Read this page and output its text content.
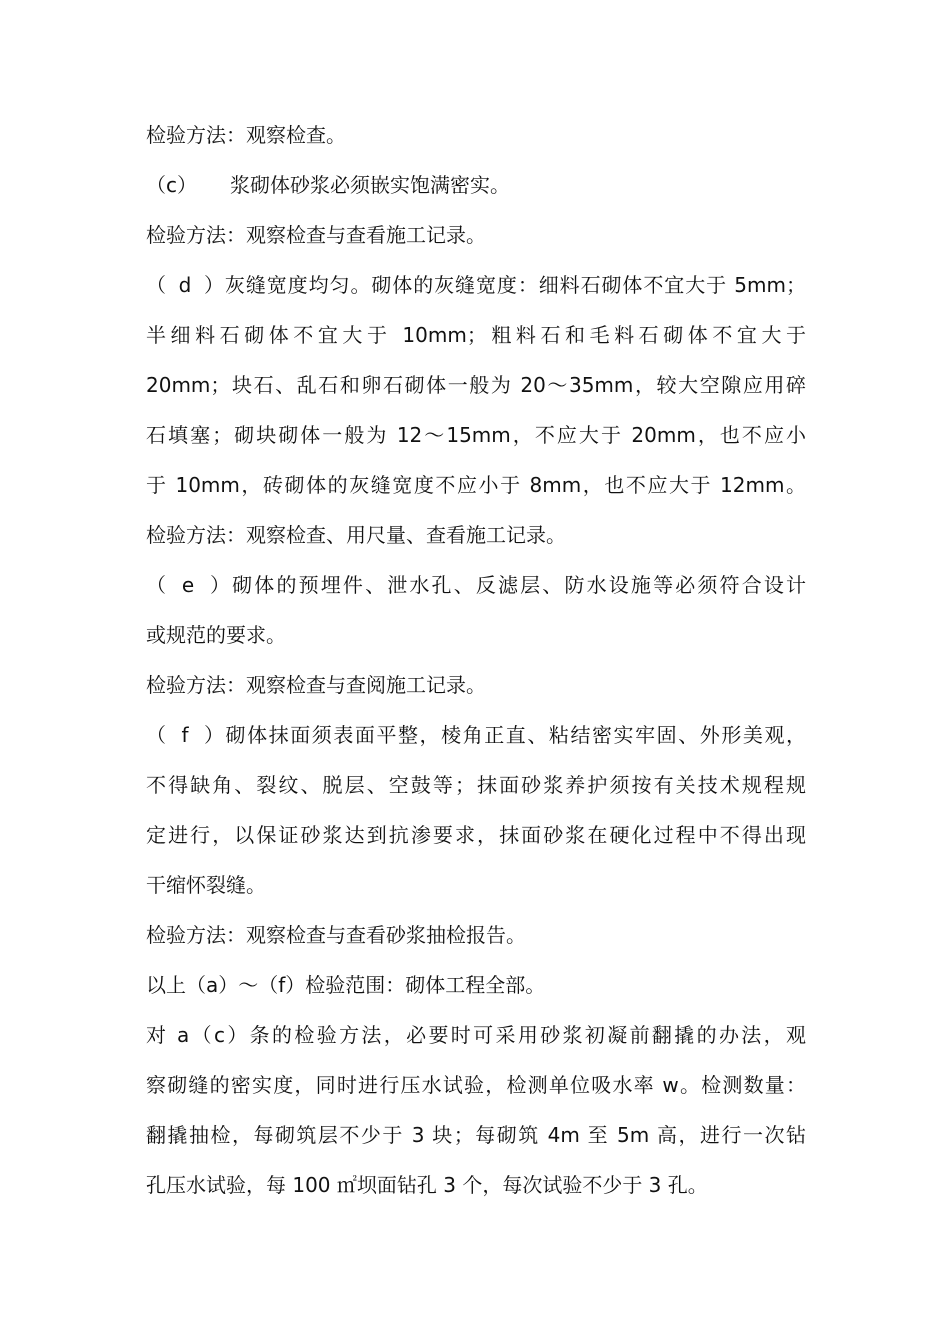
检验方法：观察检查。
（c） 浆砌体砂浆必须嵌实饱满密实。
检验方法：观察检查与查看施工记录。
（d）灰缝宽度均匀。砌体的灰缝宽度：细料石砌体不宜大于 5mm；
半细料石砌体不宜大于 10mm；粗料石和毛料石砌体不宜大于
20mm；块石、乱石和卵石砌体一般为 20～35mm，较大空隙应用碎
石填塞；砌块砌体一般为 12～15mm，不应大于 20mm，也不应小
于 10mm，砖砌体的灰缝宽度不应小于 8mm，也不应大于 12mm。
检验方法：观察检查、用尺量、查看施工记录。
（e）砌体的预埋件、泄水孔、反滤层、防水设施等必须符合设计
或规范的要求。
检验方法：观察检查与查阅施工记录。
（f）砌体抹面须表面平整，棱角正直、粘结密实牢固、外形美观，
不得缺角、裂纹、脱层、空鼓等；抹面砂浆养护须按有关技术规程规
定进行，以保证砂浆达到抗渗要求，抹面砂浆在硬化过程中不得出现
干缩怀裂缝。
检验方法：观察检查与查看砂浆抽检报告。
以上（a）～（f）检验范围：砌体工程全部。
对 a（c）条的检验方法，必要时可采用砂浆初凝前翻撬的办法，观
察砌缝的密实度，同时进行压水试验，检测单位吸水率 w。检测数量：
翻撬抽检，每砌筑层不少于 3 块；每砌筑 4m 至 5m 高，进行一次钻
孔压水试验，每 100 ㎡坝面钻孔 3 个，每次试验不少于 3 孔。
